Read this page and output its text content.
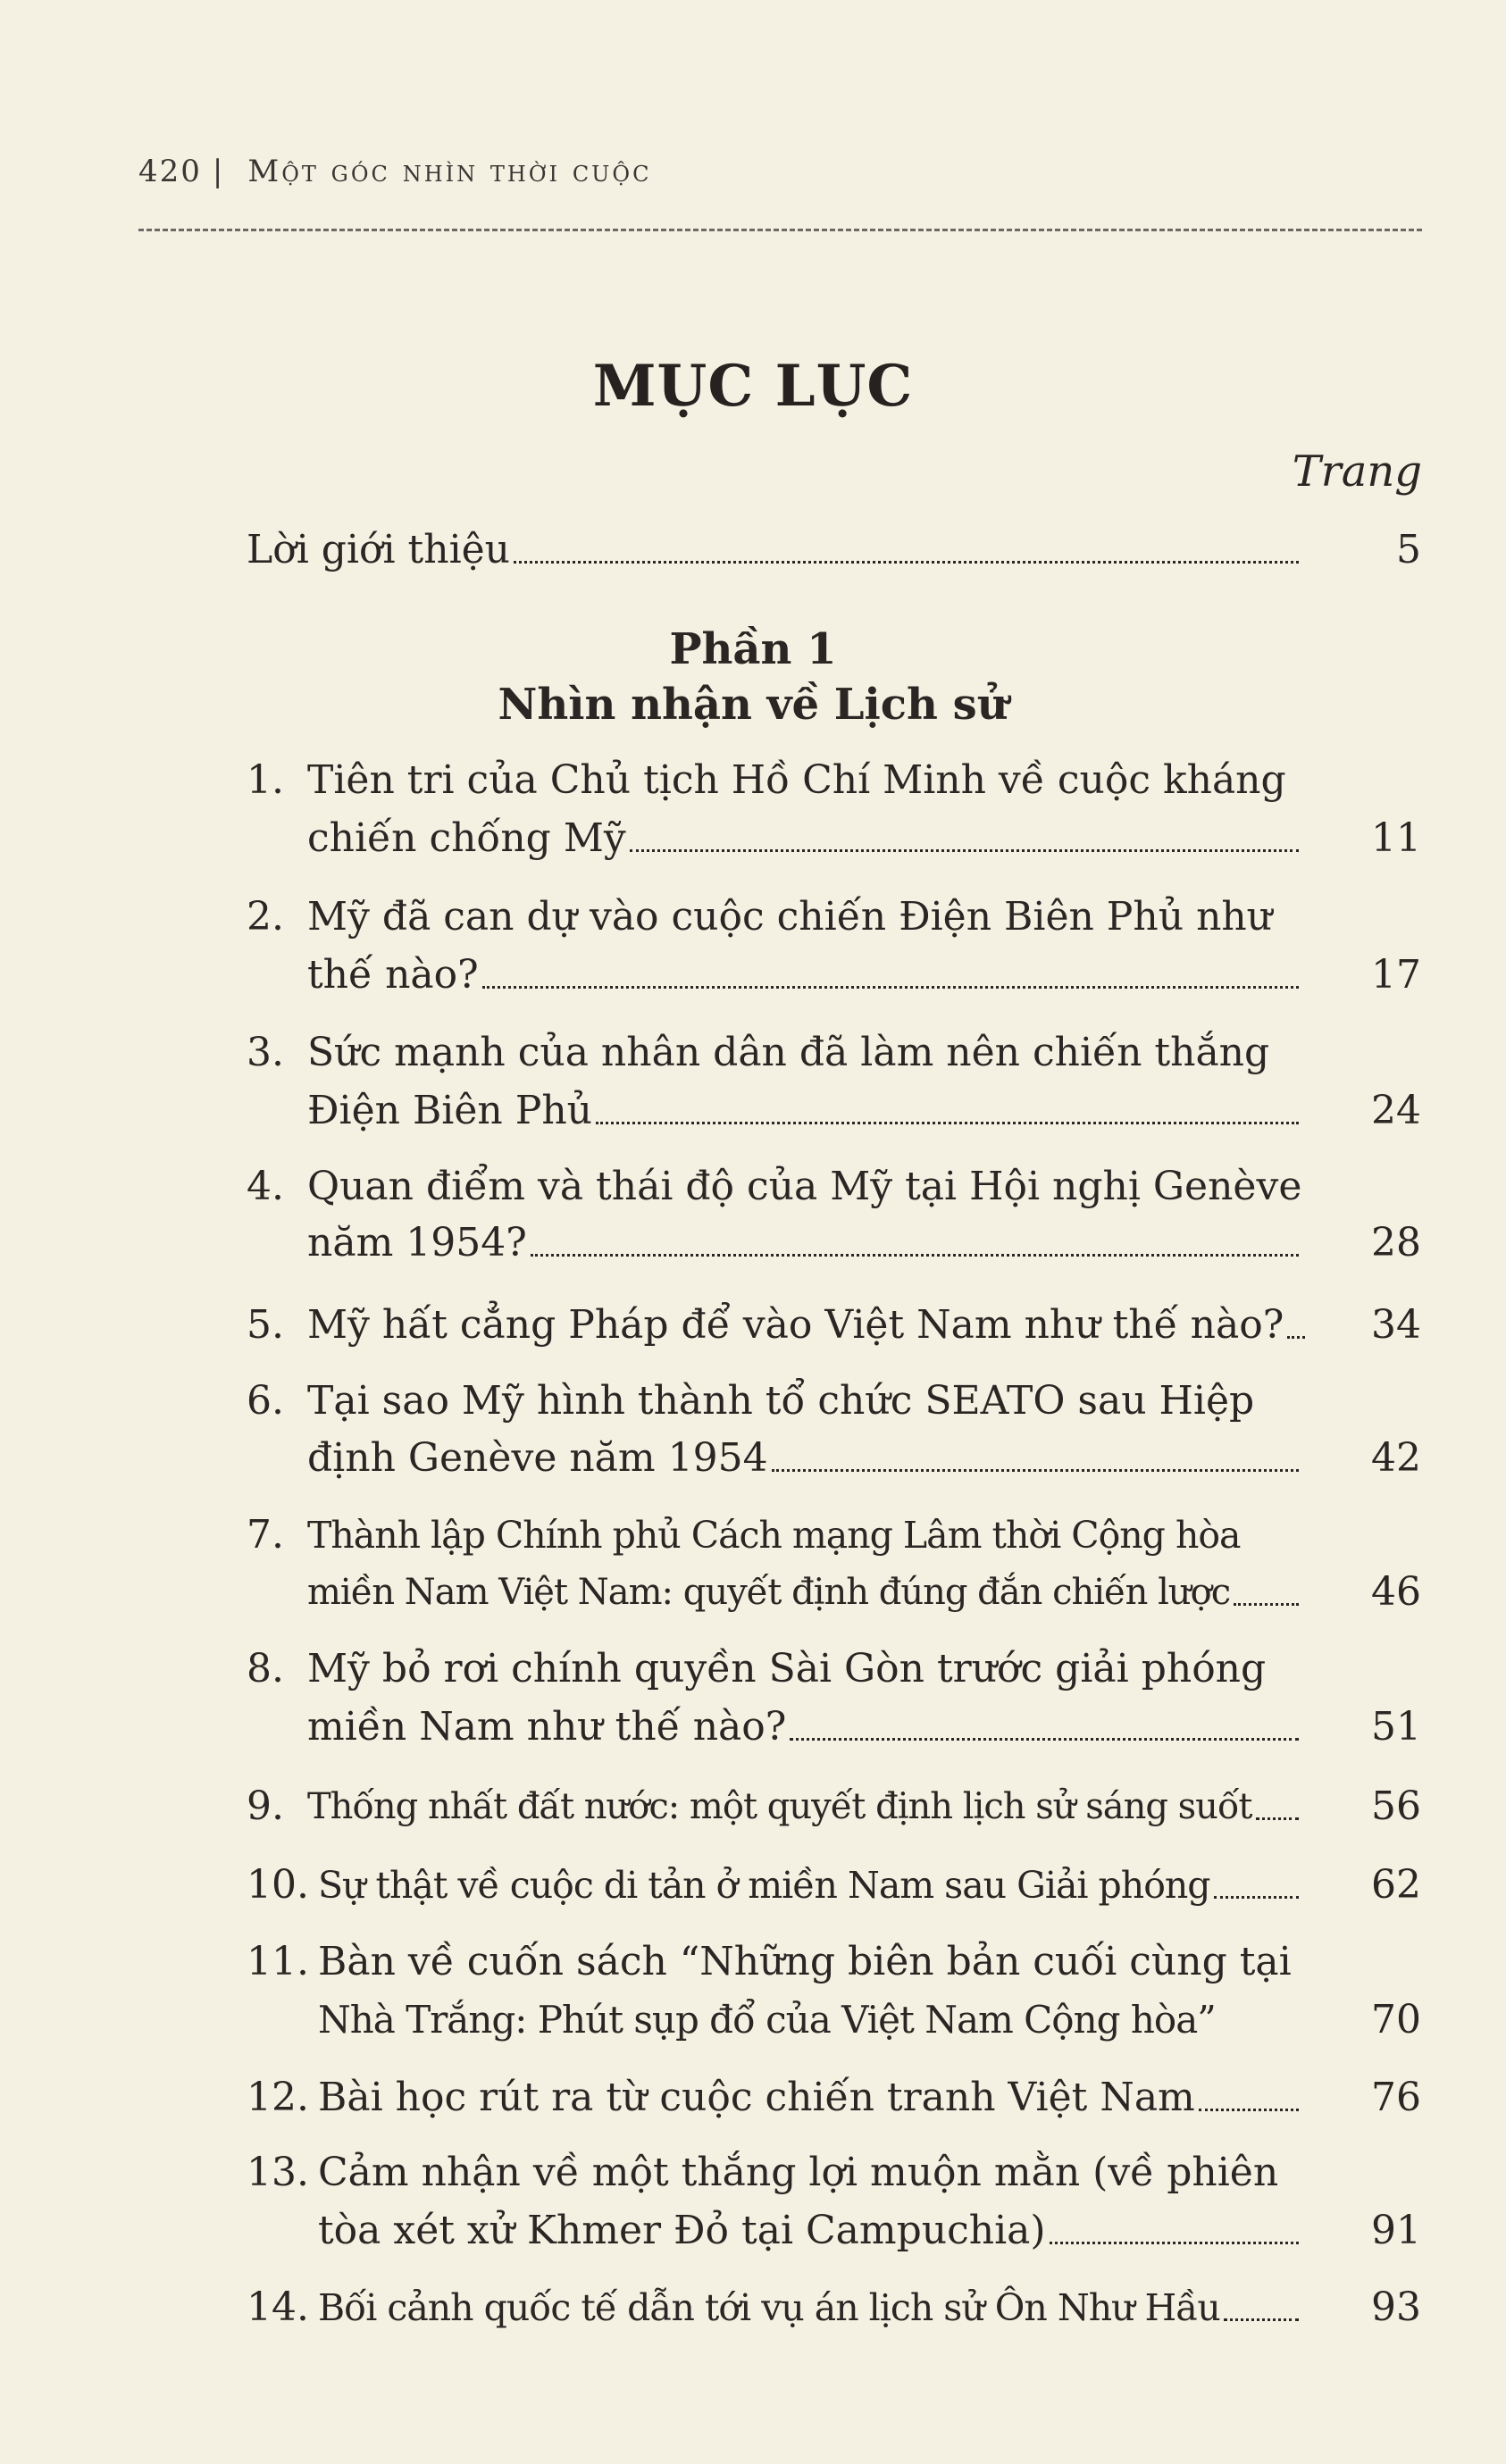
420 | Một góc nhìn thời cuộc
MỤC LỤC
Trang
Lời giới thiệu	5
Phần 1
Nhìn nhận về Lịch sử
1. Tiên tri của Chủ tịch Hồ Chí Minh về cuộc kháng
chiến chống Mỹ	11
2. Mỹ đã can dự vào cuộc chiến Điện Biên Phủ như
thế nào?	17
3. Sức mạnh của nhân dân đã làm nên chiến thắng
Điện Biên Phủ	24
4. Quan điểm và thái độ của Mỹ tại Hội nghị Genève
năm 1954?	28
5. Mỹ hất cẳng Pháp để vào Việt Nam như thế nào?	34
6. Tại sao Mỹ hình thành tổ chức SEATO sau Hiệp
định Genève năm 1954	42
7. Thành lập Chính phủ Cách mạng Lâm thời Cộng hòa
miền Nam Việt Nam: quyết định đúng đắn chiến lược	46
8. Mỹ bỏ rơi chính quyền Sài Gòn trước giải phóng
miền Nam như thế nào?	51
9. Thống nhất đất nước: một quyết định lịch sử sáng suốt	56
10. Sự thật về cuộc di tản ở miền Nam sau Giải phóng	62
11. Bàn về cuốn sách “Những biên bản cuối cùng tại
Nhà Trắng: Phút sụp đổ của Việt Nam Cộng hòa”	70
12. Bài học rút ra từ cuộc chiến tranh Việt Nam	76
13. Cảm nhận về một thắng lợi muộn mằn (về phiên
tòa xét xử Khmer Đỏ tại Campuchia)	91
14. Bối cảnh quốc tế dẫn tới vụ án lịch sử Ôn Như Hầu	93
